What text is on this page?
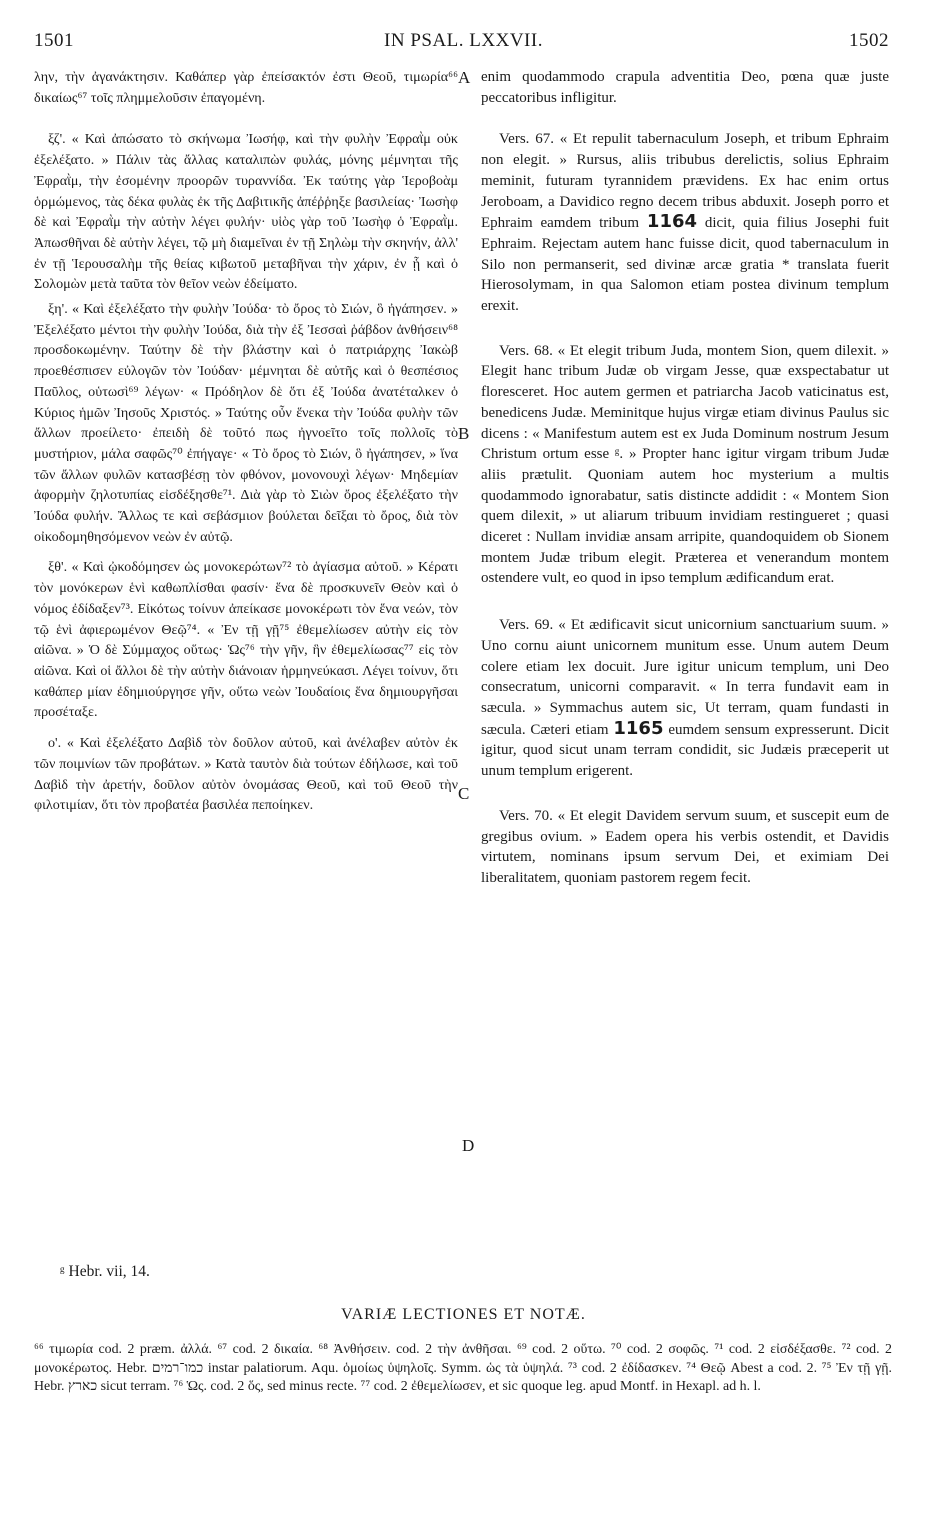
1501	IN PSAL. LXXVII.	1502

λην, τὴν ἀγανάκτησιν. Καθάπερ γὰρ ἐπείσακτόν ἐστι Θεοῦ, τιμωρία⁶⁶ δικαίως⁶⁷ τοῖς πλημμελοῦσιν ἐπαγομένη.

ξζ'. « Καὶ ἀπώσατο τὸ σκήνωμα Ἰωσήφ, καὶ τὴν φυλὴν Ἐφραῒμ οὐκ ἐξελέξατο. » Πάλιν τὰς ἄλλας καταλιπὼν φυλάς, μόνης μέμνηται τῆς Ἐφραῒμ, τὴν ἐσομένην προορῶν τυραννίδα. Ἐκ ταύτης γὰρ Ἱεροβοὰμ ὁρμώμενος, τὰς δέκα φυλὰς ἐκ τῆς Δαβιτικῆς ἀπέῤῥηξε βασιλείας· Ἰωσὴφ δὲ καὶ Ἐφραῒμ τὴν αὐτὴν λέγει φυλήν· υἱὸς γὰρ τοῦ Ἰωσὴφ ὁ Ἐφραῒμ. Ἀπωσθῆναι δὲ αὐτὴν λέγει, τῷ μὴ διαμεῖναι ἐν τῇ Σηλὼμ τὴν σκηνήν, ἀλλ' ἐν τῇ Ἱερουσαλὴμ τῆς θείας κιβωτοῦ μεταβῆναι τὴν χάριν, ἐν ᾗ καὶ ὁ Σολομὼν μετὰ ταῦτα τὸν θεῖον νεὼν ἐδείματο.

ξη'. « Καὶ ἐξελέξατο τὴν φυλὴν Ἰούδα· τὸ ὄρος τὸ Σιών, ὃ ἠγάπησεν. » Ἐξελέξατο μέντοι τὴν φυλὴν Ἰούδα, διὰ τὴν ἐξ Ἰεσσαὶ ῥάβδον ἀνθήσειν⁶⁸ προσδοκωμένην. Ταύτην δὲ τὴν βλάστην καὶ ὁ πατριάρχης Ἰακὼβ προεθέσπισεν εὐλογῶν τὸν Ἰούδαν· μέμνηται δὲ αὐτῆς καὶ ὁ θεσπέσιος Παῦλος, οὑτωσὶ⁶⁹ λέγων· « Πρόδηλον δὲ ὅτι ἐξ Ἰούδα ἀνατέταλκεν ὁ Κύριος ἡμῶν Ἰησοῦς Χριστός. » Ταύτης οὖν ἕνεκα τὴν Ἰούδα φυλὴν τῶν ἄλλων προείλετο· ἐπειδὴ δὲ τοῦτό πως ἠγνοεῖτο τοῖς πολλοῖς τὸ μυστήριον, μάλα σαφῶς⁷⁰ ἐπήγαγε· « Τὸ ὄρος τὸ Σιών, ὃ ἠγάπησεν, » ἵνα τῶν ἄλλων φυλῶν κατασβέσῃ τὸν φθόνον, μονονουχὶ λέγων· Μηδεμίαν ἀφορμὴν ζηλοτυπίας εἰσδέξησθε⁷¹. Διὰ γὰρ τὸ Σιὼν ὄρος ἐξελέξατο τὴν Ἰούδα φυλήν. Ἄλλως τε καὶ σεβάσμιον βούλεται δεῖξαι τὸ ὄρος, διὰ τὸν οἰκοδομηθησόμενον νεὼν ἐν αὐτῷ.

ξθ'. « Καὶ ᾠκοδόμησεν ὡς μονοκερώτων⁷² τὸ ἁγίασμα αὐτοῦ. » Κέρατι τὸν μονόκερων ἑνὶ καθωπλίσθαι φασίν· ἕνα δὲ προσκυνεῖν Θεὸν καὶ ὁ νόμος ἐδίδαξεν⁷³. Εἰκότως τοίνυν ἀπείκασε μονοκέρωτι τὸν ἕνα νεών, τὸν τῷ ἑνὶ ἀφιερωμένον Θεῷ⁷⁴. « Ἐν τῇ γῇ⁷⁵ ἐθεμελίωσεν αὐτὴν εἰς τὸν αἰῶνα. » Ὁ δὲ Σύμμαχος οὕτως· Ὡς⁷⁶ τὴν γῆν, ἣν ἐθεμελίωσας⁷⁷ εἰς τὸν αἰῶνα. Καὶ οἱ ἄλλοι δὲ τὴν αὐτὴν διάνοιαν ἡρμηνεύκασι. Λέγει τοίνυν, ὅτι καθάπερ μίαν ἐδημιούργησε γῆν, οὕτω νεὼν Ἰουδαίοις ἕνα δημιουργῆσαι προσέταξε.

ο'. « Καὶ ἐξελέξατο Δαβὶδ τὸν δοῦλον αὐτοῦ, καὶ ἀνέλαβεν αὐτὸν ἐκ τῶν ποιμνίων τῶν προβάτων. » Κατὰ ταυτὸν διὰ τούτων ἐδήλωσε, καὶ τοῦ Δαβὶδ τὴν ἀρετήν, δοῦλον αὐτὸν ὀνομάσας Θεοῦ, καὶ τοῦ Θεοῦ τὴν φιλοτιμίαν, ὅτι τὸν προβατέα βασιλέα πεποίηκεν.

A
B
C
D

enim quodammodo crapula adventitia Deo, pœna quæ juste peccatoribus infligitur.

Vers. 67. « Et repulit tabernaculum Joseph, et tribum Ephraim non elegit. » Rursus, aliis tribubus derelictis, solius Ephraim meminit, futuram tyrannidem prævidens. Ex hac enim ortus Jeroboam, a Davidico regno decem tribus abduxit. Joseph porro et Ephraim eamdem tribum 1164 dicit, quia filius Josephi fuit Ephraim. Rejectam autem hanc fuisse dicit, quod tabernaculum in Silo non permanserit, sed divinæ arcæ gratia * translata fuerit Hierosolymam, in qua Salomon etiam postea divinum templum erexit.

Vers. 68. « Et elegit tribum Juda, montem Sion, quem dilexit. » Elegit hanc tribum Judæ ob virgam Jesse, quæ exspectabatur ut floresceret. Hoc autem germen et patriarcha Jacob vaticinatus est, benedicens Judæ. Meminitque hujus virgæ etiam divinus Paulus sic dicens : « Manifestum autem est ex Juda Dominum nostrum Jesum Christum ortum esse ᵍ. » Propter hanc igitur virgam tribum Judæ aliis prætulit. Quoniam autem hoc mysterium a multis quodammodo ignorabatur, satis distincte addidit : « Montem Sion quem dilexit, » ut aliarum tribuum invidiam restingueret ; quasi diceret : Nullam invidiæ ansam arripite, quandoquidem ob Sionem montem Judæ tribum elegit. Præterea et venerandum montem ostendere vult, eo quod in ipso templum ædificandum erat.

Vers. 69. « Et ædificavit sicut unicornium sanctuarium suum. » Uno cornu aiunt unicornem munitum esse. Unum autem Deum colere etiam lex docuit. Jure igitur unicum templum, uni Deo consecratum, unicorni comparavit. « In terra fundavit eam in sæcula. » Symmachus autem sic, Ut terram, quam fundasti in sæcula. Cæteri etiam 1165 eumdem sensum expresserunt. Dicit igitur, quod sicut unam terram condidit, sic Judæis præceperit ut unum templum erigerent.

Vers. 70. « Et elegit Davidem servum suum, et suscepit eum de gregibus ovium. » Eadem opera his verbis ostendit, et Davidis virtutem, nominans ipsum servum Dei, et eximiam Dei liberalitatem, quoniam pastorem regem fecit.

ᵍ Hebr. vii, 14.
VARIÆ LECTIONES ET NOTÆ.

⁶⁶ τιμωρία cod. 2 præm. ἀλλά. ⁶⁷ cod. 2 δικαία. ⁶⁸ Ἀνθήσειν. cod. 2 τὴν ἀνθῆσαι. ⁶⁹ cod. 2 οὕτω. ⁷⁰ cod. 2 σοφῶς. ⁷¹ cod. 2 εἰσδέξασθε. ⁷² cod. 2 μονοκέρωτος. Hebr. כמו־רמים instar palatiorum. Aqu. ὁμοίως ὑψηλοῖς. Symm. ὡς τὰ ὑψηλά. ⁷³ cod. 2 ἐδίδασκεν. ⁷⁴ Θεῷ Abest a cod. 2. ⁷⁵ Ἐν τῇ γῇ. Hebr. כארץ sicut terram. ⁷⁶ Ὡς. cod. 2 ὅς, sed minus recte. ⁷⁷ cod. 2 ἐθεμελίωσεν, et sic quoque leg. apud Montf. in Hexapl. ad h. l.
